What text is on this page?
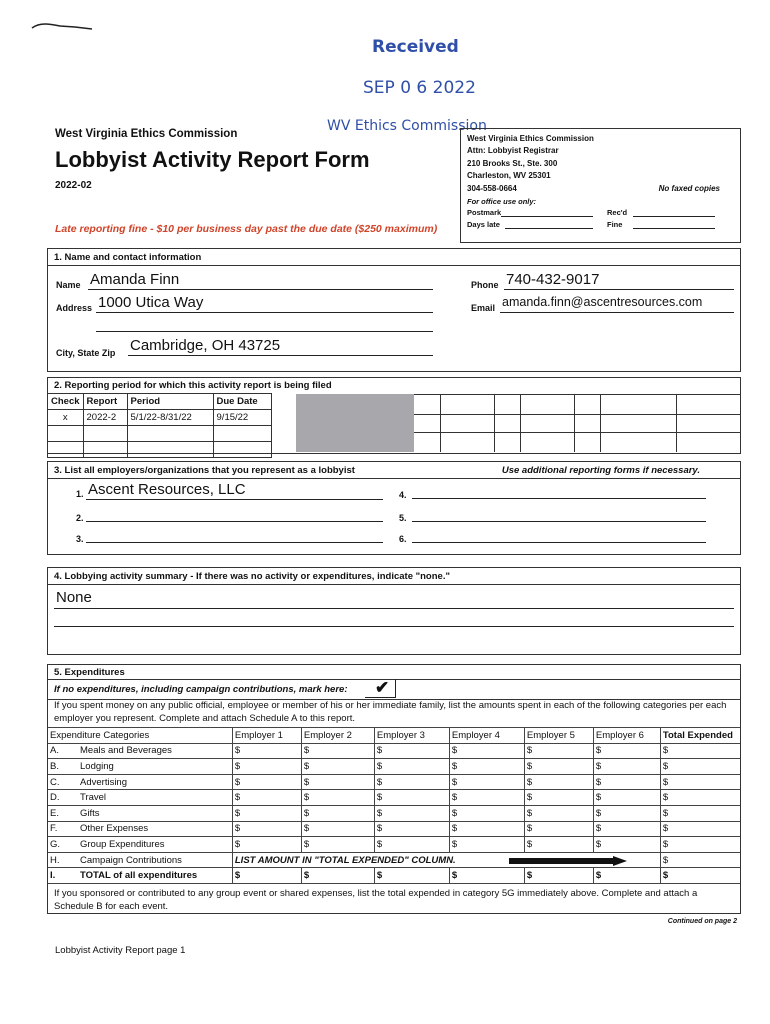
Received
SEP 0 6 2022
WV Ethics Commission
West Virginia Ethics Commission
Lobbyist Activity Report Form
2022-02
Late reporting fine - $10 per business day past the due date ($250 maximum)
West Virginia Ethics Commission
Attn: Lobbyist Registrar
210 Brooks St., Ste. 300
Charleston, WV 25301
304-558-0664	No faxed copies
For office use only:
Postmark	Rec'd
Days late	Fine
1. Name and contact information
Name Amanda Finn
Address 1000 Utica Way
City, State Zip Cambridge, OH 43725
Phone 740-432-9017
Email amanda.finn@ascentresources.com
2. Reporting period for which this activity report is being filed
Check	Report	Period	Due Date
x	2022-2	5/1/22-8/31/22	9/15/22

3. List all employers/organizations that you represent as a lobbyist	Use additional reporting forms if necessary.
1. Ascent Resources, LLC
2.
3.
4.
5.
6.
4. Lobbying activity summary - If there was no activity or expenditures, indicate "none."
None
5. Expenditures
If no expenditures, including campaign contributions, mark here: ✔
If you spent money on any public official, employee or member of his or her immediate family, list the amounts spent in each of the following categories per each employer you represent. Complete and attach Schedule A to this report.
Expenditure Categories		Employer 1	Employer 2	Employer 3	Employer 4	Employer 5	Employer 6	Total Expended
A.	Meals and Beverages	$	$	$	$	$	$	$
B.	Lodging	$	$	$	$	$	$	$
C.	Advertising	$	$	$	$	$	$	$
D.	Travel	$	$	$	$	$	$	$
E.	Gifts	$	$	$	$	$	$	$
F.	Other Expenses	$	$	$	$	$	$	$
G.	Group Expenditures	$	$	$	$	$	$	$
H.	Campaign Contributions	LIST AMOUNT IN "TOTAL EXPENDED" COLUMN.						$
I.	TOTAL of all expenditures	$	$	$	$	$	$	$
If you sponsored or contributed to any group event or shared expenses, list the total expended in category 5G immediately above. Complete and attach a Schedule B for each event.
Continued on page 2
Lobbyist Activity Report page 1
